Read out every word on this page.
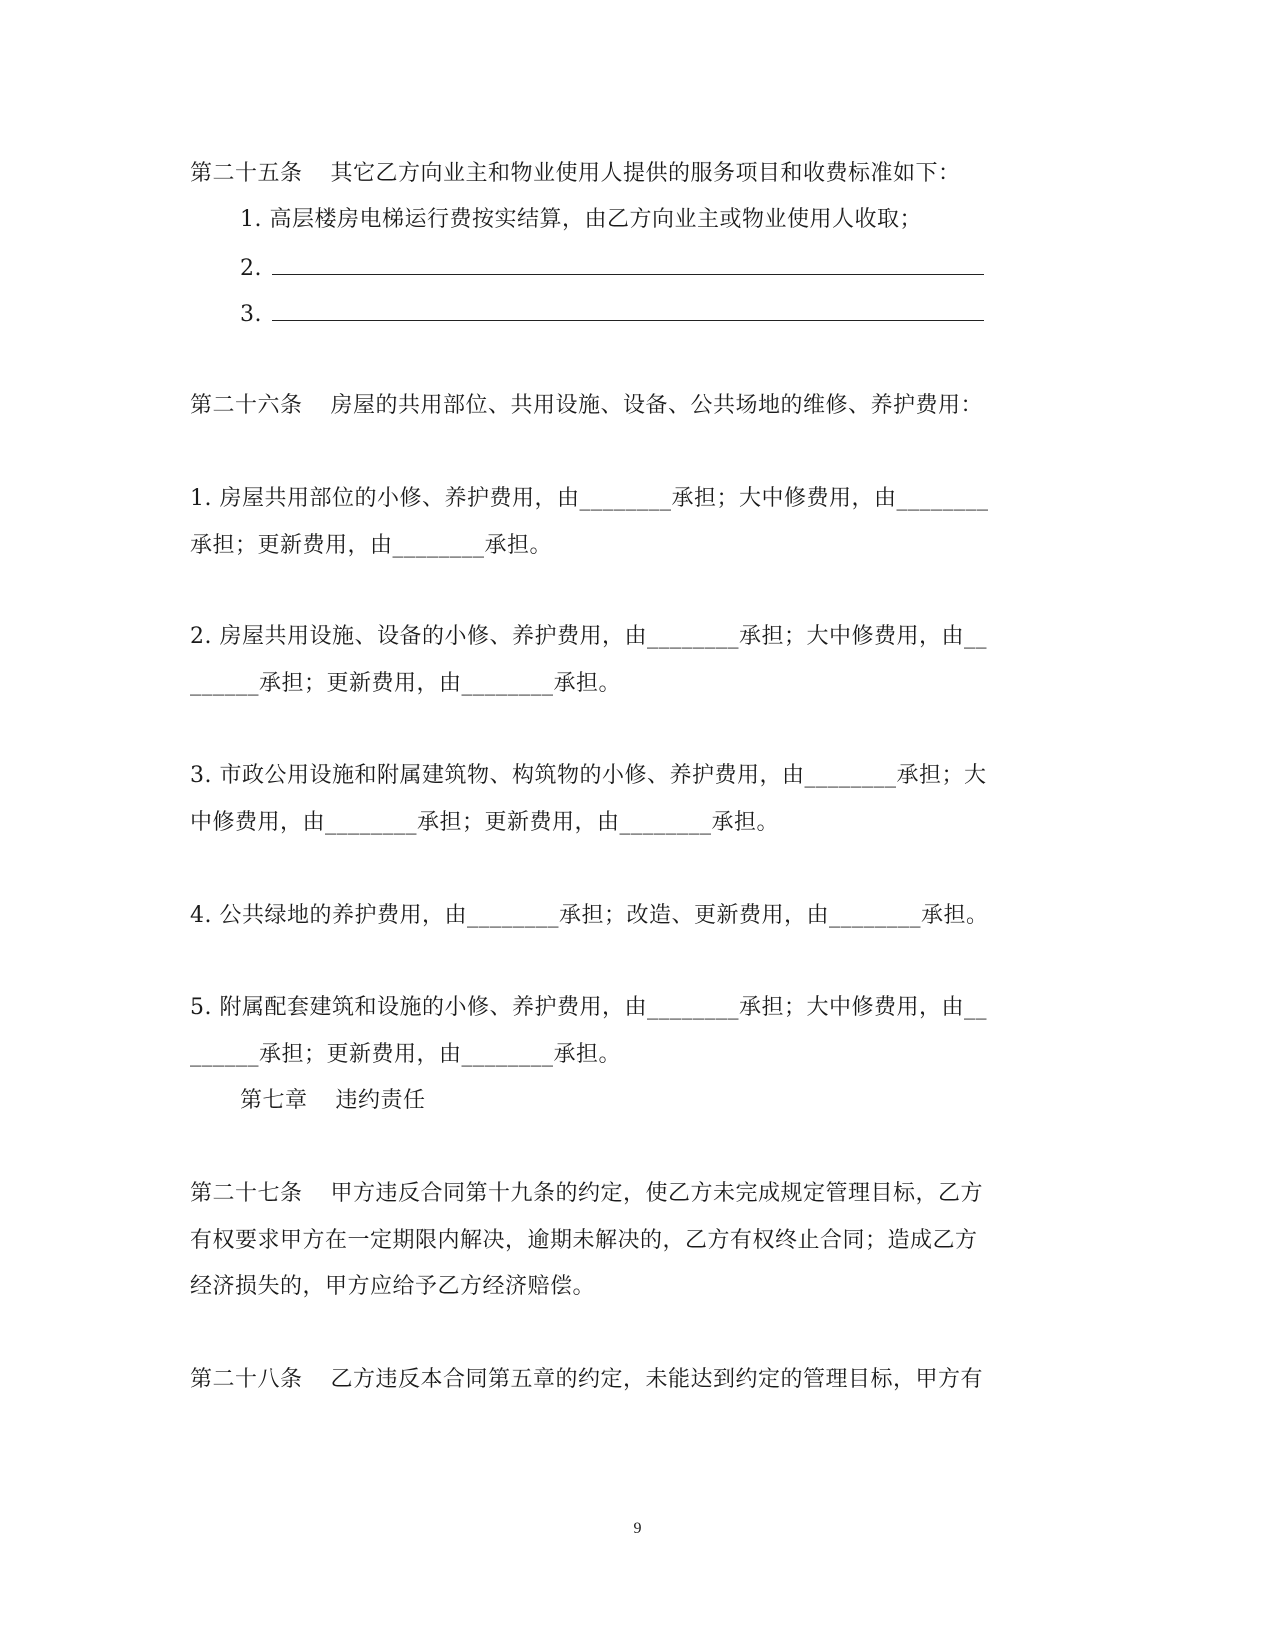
第二十五条 其它乙方向业主和物业使用人提供的服务项目和收费标准如下：
1. 高层楼房电梯运行费按实结算，由乙方向业主或物业使用人收取；
2.
3.
第二十六条 房屋的共用部位、共用设施、设备、公共场地的维修、养护费用：
1. 房屋共用部位的小修、养护费用，由________承担；大中修费用，由________
承担；更新费用，由________承担。
2. 房屋共用设施、设备的小修、养护费用，由________承担；大中修费用，由__
______承担；更新费用，由________承担。
3. 市政公用设施和附属建筑物、构筑物的小修、养护费用，由________承担；大
中修费用，由________承担；更新费用，由________承担。
4. 公共绿地的养护费用，由________承担；改造、更新费用，由________承担。
5. 附属配套建筑和设施的小修、养护费用，由________承担；大中修费用，由__
______承担；更新费用，由________承担。
第七章 违约责任
第二十七条 甲方违反合同第十九条的约定，使乙方未完成规定管理目标，乙方
有权要求甲方在一定期限内解决，逾期未解决的，乙方有权终止合同；造成乙方
经济损失的，甲方应给予乙方经济赔偿。
第二十八条 乙方违反本合同第五章的约定，未能达到约定的管理目标，甲方有
9
